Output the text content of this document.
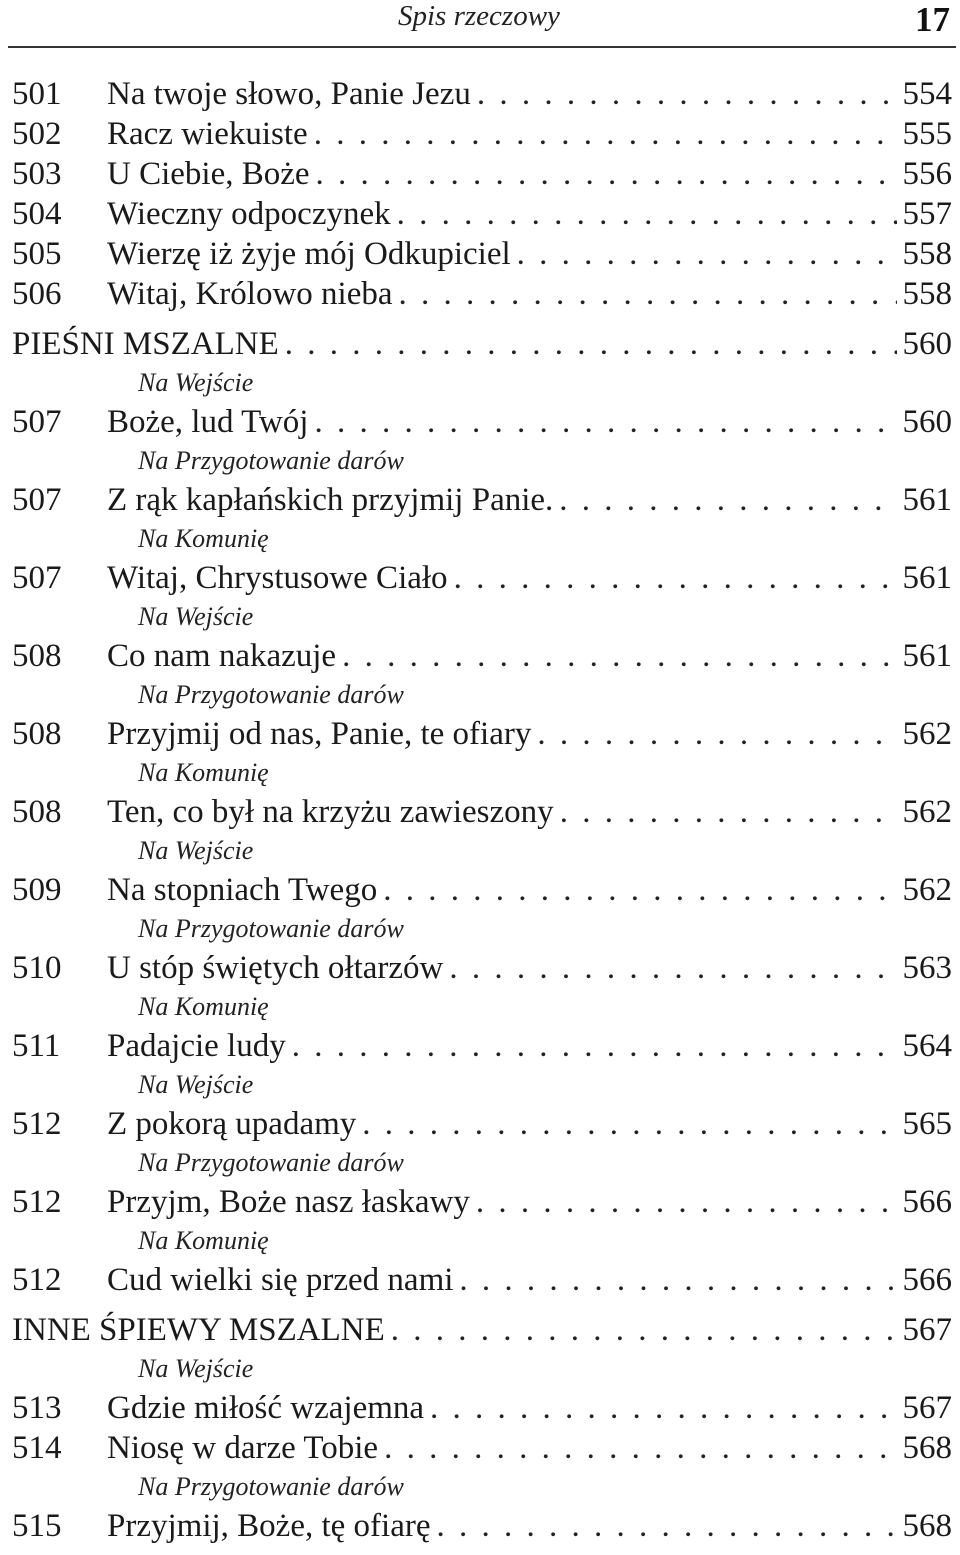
Spis rzeczowy	17
501	Na twoje słowo, Panie Jezu . . .	554
502	Racz wiekuiste . . .	555
503	U Ciebie, Boże . . .	556
504	Wieczny odpoczynek . . .	557
505	Wierzę iż żyje mój Odkupiciel . . .	558
506	Witaj, Królowo nieba . . .	558
PIEŚNI MSZALNE . . .	560
Na Wejście
507	Boże, lud Twój . . .	560
Na Przygotowanie darów
507	Z rąk kapłańskich przyjmij Panie. . . .	561
Na Komunię
507	Witaj, Chrystusowe Ciało . . .	561
Na Wejście
508	Co nam nakazuje . . .	561
Na Przygotowanie darów
508	Przyjmij od nas, Panie, te ofiary . . .	562
Na Komunię
508	Ten, co był na krzyżu zawieszony . . .	562
Na Wejście
509	Na stopniach Twego . . .	562
Na Przygotowanie darów
510	U stóp świętych ołtarzów . . .	563
Na Komunię
511	Padajcie ludy . . .	564
Na Wejście
512	Z pokorą upadamy . . .	565
Na Przygotowanie darów
512	Przyjm, Boże nasz łaskawy . . .	566
Na Komunię
512	Cud wielki się przed nami . . .	566
INNE ŚPIEWY MSZALNE . . .	567
Na Wejście
513	Gdzie miłość wzajemna . . .	567
514	Niosę w darze Tobie . . .	568
Na Przygotowanie darów
515	Przyjmij, Boże, tę ofiarę . . .	568
